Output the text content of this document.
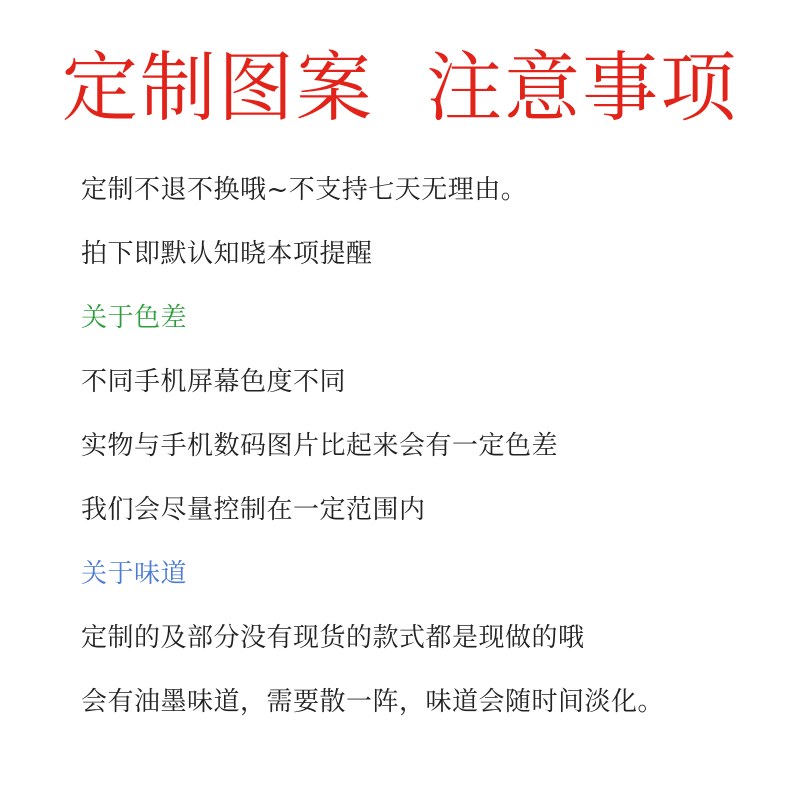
定制图案  注意事项
定制不退不换哦~不支持七天无理由。
拍下即默认知晓本项提醒
关于色差
不同手机屏幕色度不同
实物与手机数码图片比起来会有一定色差
我们会尽量控制在一定范围内
关于味道
定制的及部分没有现货的款式都是现做的哦
会有油墨味道，需要散一阵，味道会随时间淡化。
